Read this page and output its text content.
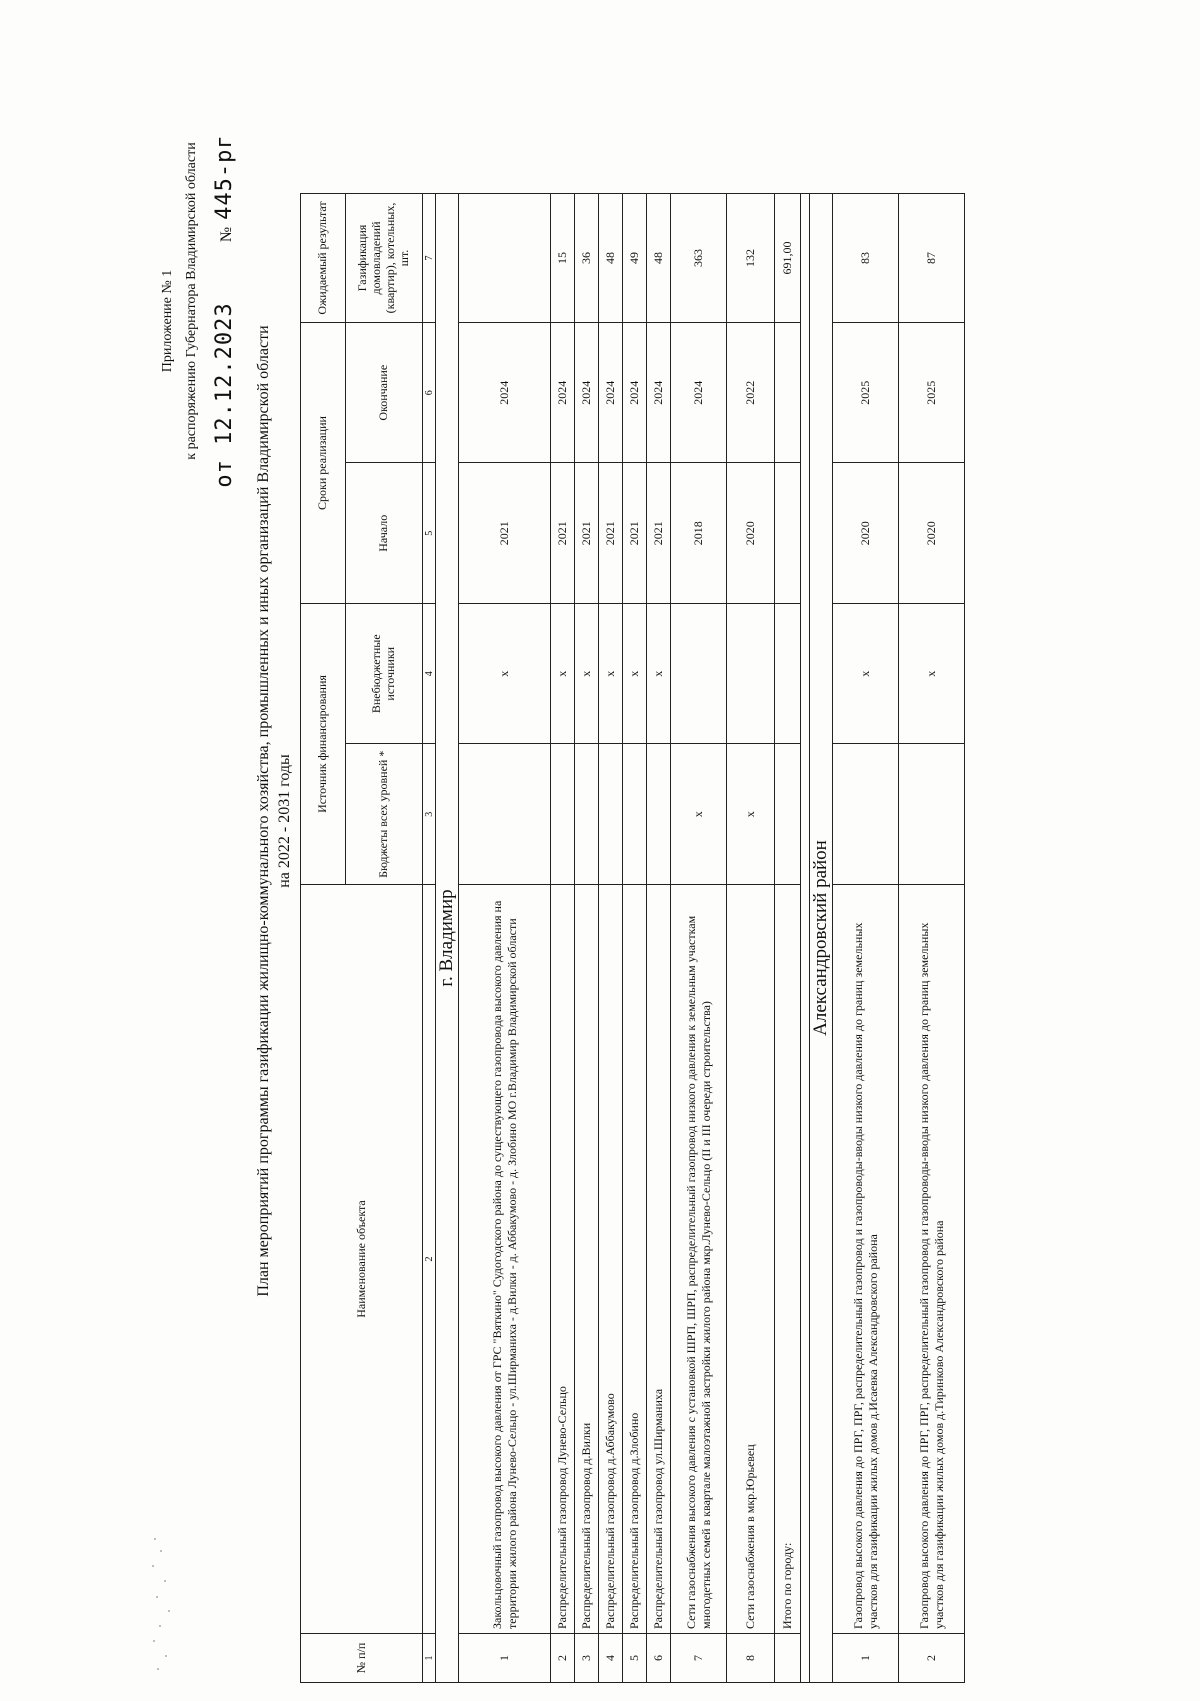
Приложение № 1 к распоряжению Губернатора Владимирской области
от 12.12.2023 №445-рг
План мероприятий программы газификации жилищно-коммунального хозяйства, промышленных и иных организаций Владимирской области на 2022 - 2031 годы
№ п/п	Наименование объекта	Источник финансирования		Сроки реализации		Ожидаемый результат
		Бюджеты всех уровней *	Внебюджетные источники	Начало	Окончание	Газификация домовладений (квартир), котельных, шт.
1	2	3	4	5	6	7
г. Владимир						
1	Закольцовочный газопровод высокого давления от ГРС "Вяткино" Судогодского района до существующего газопровода высокого давления на территории жилого района Лунево-Сельцо - ул.Ширманиха - д.Вилки - д. Аббакумово - д. Злобино МО г.Владимир Владимирской области		x	2021	2024	
2	Распределительный газопровод Лунево-Сельцо		x	2021	2024	15
3	Распределительный газопровод д.Вилки		x	2021	2024	36
4	Распределительный газопровод д.Аббакумово		x	2021	2024	48
5	Распределительный газопровод д.Злобино		x	2021	2024	49
6	Распределительный газопровод ул.Ширманиха		x	2021	2024	48
7	Сети газоснабжения высокого давления с установкой ШРП, ШРП, распределительный газопровод низкого давления к земельным участкам многодетных семей в квартале малоэтажной застройки жилого района мкр.Лунево-Сельцо (II и III очереди строительства)	x		2018	2024	363
8	Сети газоснабжения в мкр.Юрьевец	x		2020	2022	132
	Итого по городу:					691,00

Александровский район						
1	Газопровод высокого давления до ПРГ, ПРГ, распределительный газопровод и газопроводы-вводы низкого давления до границ земельных участков для газификации жилых домов д.Исаевка Александровского района		x	2020	2025	83
2	Газопровод высокого давления до ПРГ, ПРГ, распределительный газопровод и газопроводы-вводы низкого давления до границ земельных участков для газификации жилых домов д.Тиринково Александровского района		x	2020	2025	87
